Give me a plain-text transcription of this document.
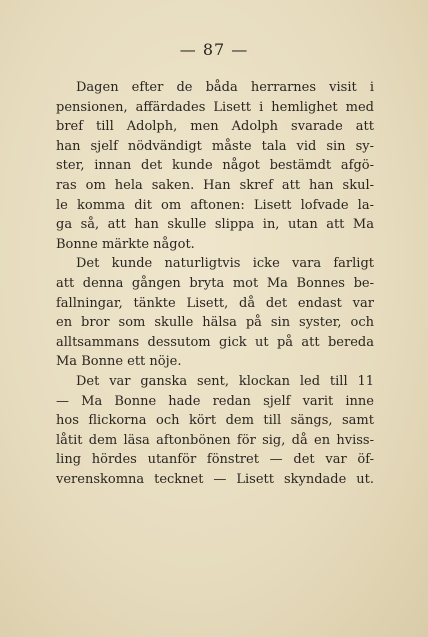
— 87 —
Dagen efter de båda herrarnes visit i
pensionen, affärdades Lisett i hemlighet med
bref till Adolph, men Adolph svarade att
han sjelf nödvändigt måste tala vid sin sy-
ster, innan det kunde något bestämdt afgö-
ras om hela saken. Han skref att han skul-
le komma dit om aftonen: Lisett lofvade la-
ga så, att han skulle slippa in, utan att Ma
Bonne märkte något.
Det kunde naturligtvis icke vara farligt
att denna gången bryta mot Ma Bonnes be-
fallningar, tänkte Lisett, då det endast var
en bror som skulle hälsa på sin syster, och
alltsammans dessutom gick ut på att bereda
Ma Bonne ett nöje.
Det var ganska sent, klockan led till 11
— Ma Bonne hade redan sjelf varit inne
hos flickorna och kört dem till sängs, samt
låtit dem läsa aftonbönen för sig, då en hviss-
ling hördes utanför fönstret — det var öf-
verenskomna tecknet — Lisett skyndade ut.
